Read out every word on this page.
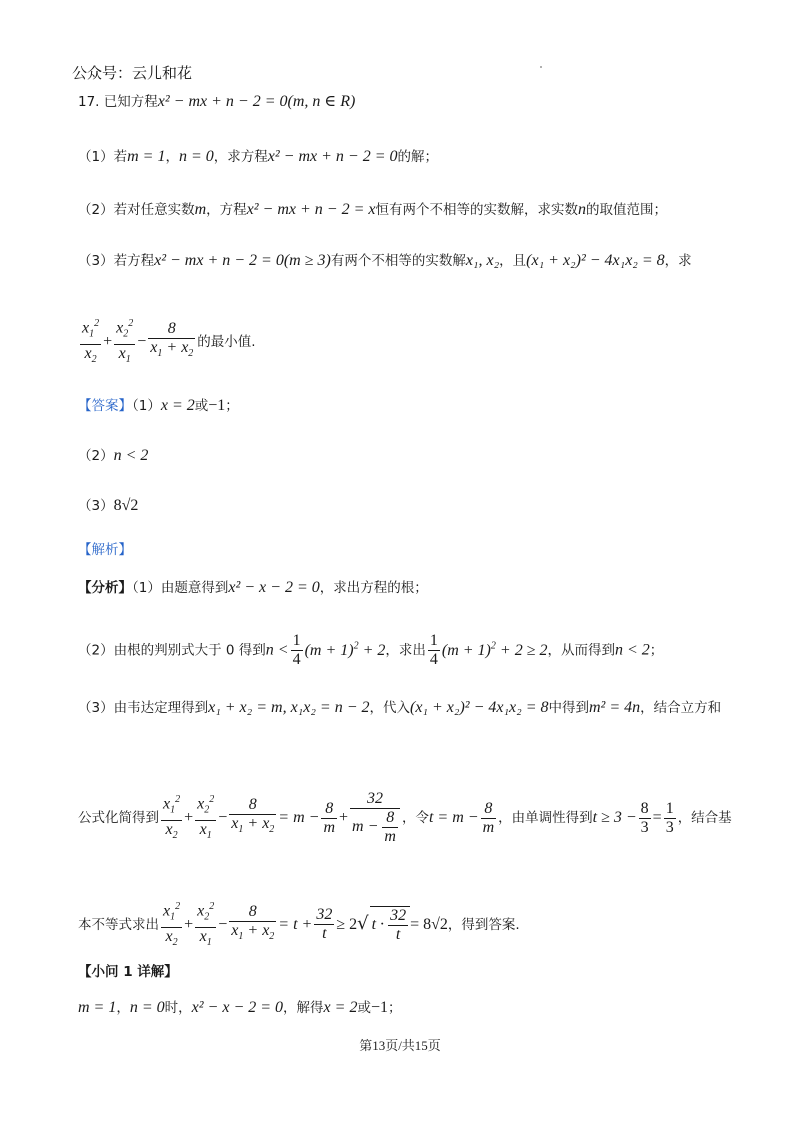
公众号：云儿和花
17. 已知方程x² − mx + n − 2 = 0(m, n ∈ R)
（1）若m = 1，n = 0，求方程x² − mx + n − 2 = 0的解；
（2）若对任意实数m，方程x² − mx + n − 2 = x恒有两个不相等的实数解，求实数n的取值范围；
（3）若方程x² − mx + n − 2 = 0(m ≥ 3)有两个不相等的实数解x₁, x₂，且(x₁ + x₂)² − 4x₁x₂ = 8，求
$\frac{x_1^2}{x_2} + \frac{x_2^2}{x_1} - \frac{8}{x_1 + x_2}$ 的最小值.
【答案】（1）x = 2或−1；
（2）n < 2
（3）8√2
【解析】
【分析】（1）由题意得到x² − x − 2 = 0，求出方程的根；
（2）由根的判别式大于 0 得到$n < \frac{1}{4} (m + 1)^2 + 2$，求出 $\frac{1}{4} (m + 1)^2 + 2 \ge 2$，从而得到n < 2；
（3）由韦达定理得到x₁ + x₂ = m, x₁x₂ = n − 2，代入(x₁ + x₂)² − 4x₁x₂ = 8中得到m² = 4n，结合立方和
公式化简得到 $\frac{x_1^2}{x_2} + \frac{x_2^2}{x_1} - \frac{8}{x_1 + x_2} = m - \frac{8}{m} + \frac{32}{m - \frac{8}{m}}$ ，令$t = m - \frac{8}{m}$ ，由单调性得到$t \ge 3 - \frac{8}{3} = \frac{1}{3}$ ，结合基
本不等式求出 $\frac{x_1^2}{x_2} + \frac{x_2^2}{x_1} - \frac{8}{x_1 + x_2} = t + \frac{32}{t} \ge 2√$ $t \cdot \frac{32}{t} = 8√2$，得到答案.
【小问 1 详解】
m = 1，n = 0时，x² − x − 2 = 0，解得x = 2或−1；
第13页/共15页
